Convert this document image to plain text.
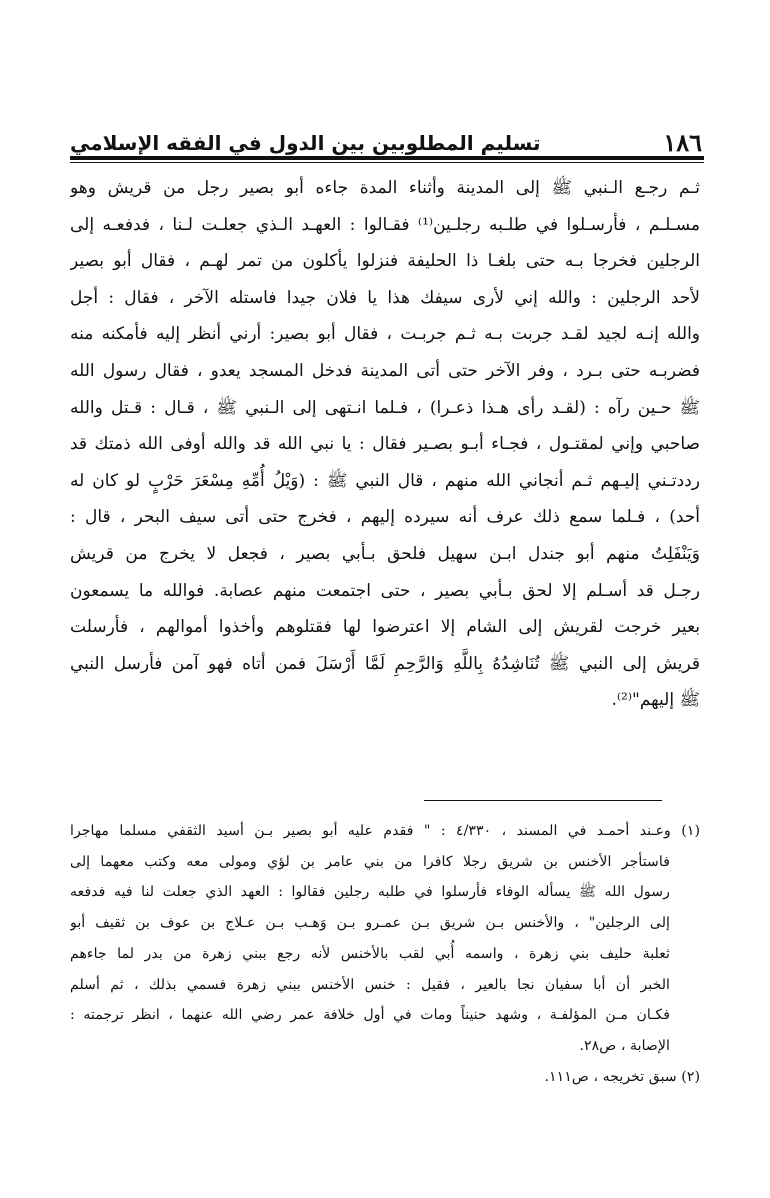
١٨٦
تسليم المطلوبين بين الدول في الفقه الإسلامي
ثـم رجـع الـنبي ﷺ إلى المدينة وأثناء المدة جاءه أبو بصير رجل من قريش وهو
مسـلـم ، فأرسـلوا في طلـبه رجلـين⁽¹⁾ فقـالوا : العهـد الـذي جعلـت لـنا ، فدفعـه إلى
الرجلين فخرجا بـه حتى بلغـا ذا الحليفة فنزلوا يأكلون من تمر لهـم ، فقال أبو بصير
لأحد الرجلين : والله إني لأرى سيفك هذا يا فلان جيدا فاستله الآخر ، فقال : أجل
والله إنـه لجيد لقـد جربت بـه ثـم جربـت ، فقال أبو بصير: أرني أنظر إليه فأمكنه منه
فضربـه حتى بـرد ، وفر الآخر حتى أتى المدينة فدخل المسجد يعدو ، فقال رسول الله
ﷺ حـين رآه : (لقـد رأى هـذا ذعـرا) ، فـلما انـتهى إلى الـنبي ﷺ ، قـال : قـتل والله
صاحبي وإني لمقتـول ، فجـاء أبـو بصـير فقال : يا نبي الله قد والله أوفى الله ذمتك قد
رددتـني إليـهم ثـم أنجاني الله منهم ، قال النبي ﷺ : (وَيْلُ أُمِّهِ مِسْعَرَ حَرْبٍ لو كان له
أحد) ، فـلما سمع ذلك عرف أنه سيرده إليهم ، فخرج حتى أتى سيف البحر ، قال :
وَيَنْفَلِتُ منهم أبو جندل ابـن سهيل فلحق بـأبي بصير ، فجعل لا يخرج من قريش
رجـل قد أسـلم إلا لحق بـأبي بصير ، حتى اجتمعت منهم عصابة. فوالله ما يسمعون
بعير خرجت لقريش إلى الشام إلا اعترضوا لها فقتلوهم وأخذوا أموالهم ، فأرسلت
قريش إلى النبي ﷺ تُنَاشِدُهُ بِاللَّهِ وَالرَّحِمِ لَمَّا أَرْسَلَ فمن أتاه فهو آمن فأرسل النبي
ﷺ إليهم"⁽²⁾.
(١) وعـند أحمـد في المسند ، ٤/٣٣٠ : " فقدم عليه أبو بصير بـن أسيد الثقفي مسلما مهاجرا
فاستأجر الأخنس بن شريق رجلا كافرا من بني عامر بن لؤي ومولى معه وكتب معهما إلى
رسول الله ﷺ يسأله الوفاء فأرسلوا في طلبه رجلين فقالوا : العهد الذي جعلت لنا فيه فدفعه
إلى الرجلين" ، والأخنس بـن شريق بـن عمـرو بـن وَهـب بـن عـلاج بن عوف بن ثقيف أبو
ثعلبة حليف بني زهرة ، واسمه أُبي لقب بالأخنس لأنه رجع ببني زهرة من بدر لما جاءهم
الخبر أن أبا سفيان نجا بالعير ، فقيل : خنس الأخنس ببني زهرة فسمي بذلك ، ثم أسلم
فكـان مـن المؤلفـة ، وشهد حنيناً ومات في أول خلافة عمر رضي الله عنهما ، انظر ترجمته :
الإصابة ، ص٢٨.
(٢) سبق تخريجه ، ص١١١.
